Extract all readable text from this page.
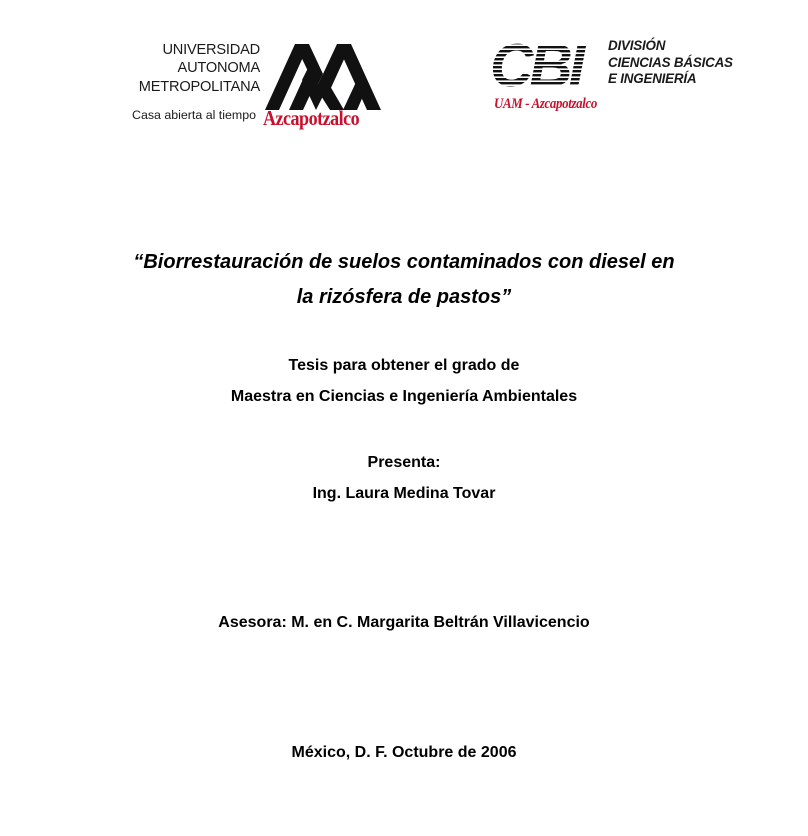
UNIVERSIDAD
AUTONOMA
METROPOLITANA
Casa abierta al tiempo Azcapotzalco
CBI	DIVISIÓN
CIENCIAS BÁSICAS
E INGENIERÍA
UAM - Azcapotzalco
“Biorrestauración de suelos contaminados con diesel en
la rizósfera de pastos”
Tesis para obtener el grado de
Maestra en Ciencias e Ingeniería Ambientales
Presenta:
Ing. Laura Medina Tovar
Asesora: M. en C. Margarita Beltrán Villavicencio
México, D. F. Octubre de 2006
